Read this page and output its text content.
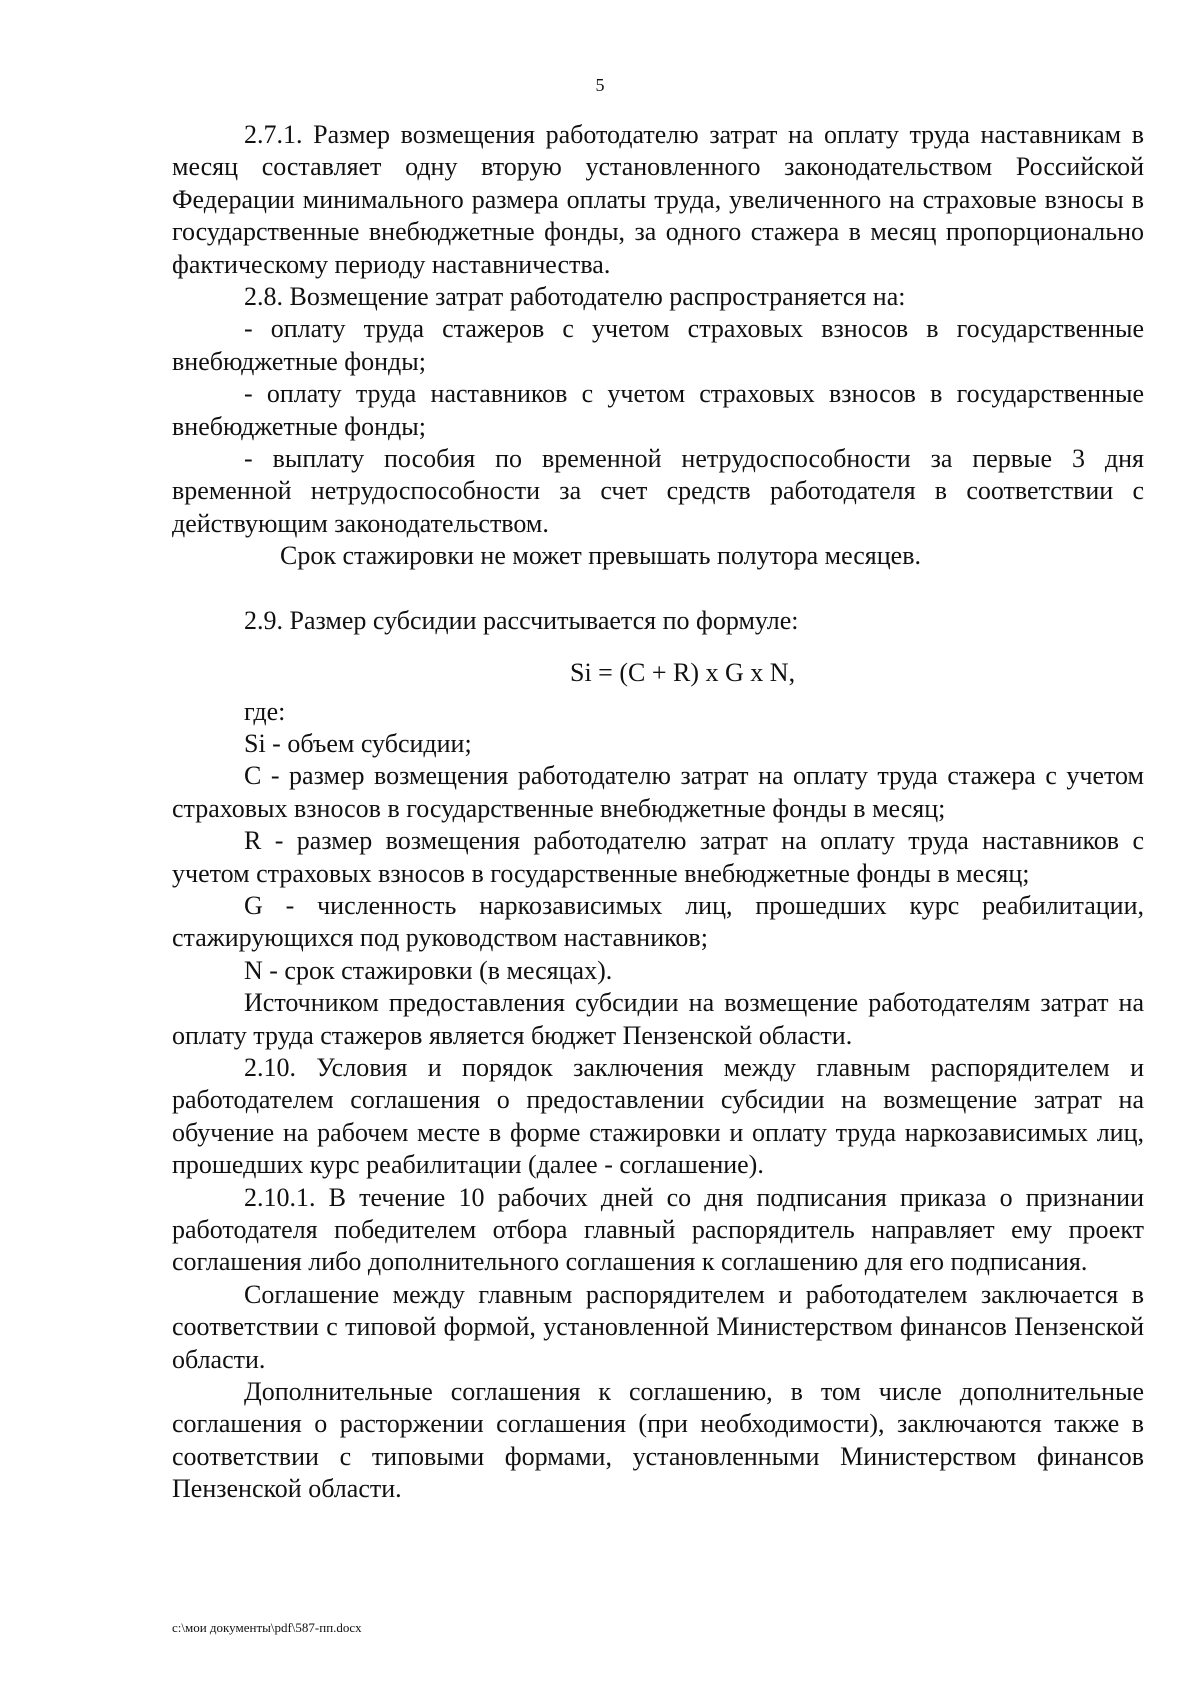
5

2.7.1. Размер возмещения работодателю затрат на оплату труда наставникам в месяц составляет одну вторую установленного законодательством Российской Федерации минимального размера оплаты труда, увеличенного на страховые взносы в государственные внебюджетные фонды, за одного стажера в месяц пропорционально фактическому периоду наставничества.

2.8. Возмещение затрат работодателю распространяется на:

- оплату труда стажеров с учетом страховых взносов в государственные внебюджетные фонды;

- оплату труда наставников с учетом страховых взносов в государственные внебюджетные фонды;

- выплату пособия по временной нетрудоспособности за первые 3 дня временной нетрудоспособности за счет средств работодателя в соответствии с действующим законодательством.

Срок стажировки не может превышать полутора месяцев.

2.9. Размер субсидии рассчитывается по формуле:

Si = (C + R) x G x N,

где:

Si - объем субсидии;

C - размер возмещения работодателю затрат на оплату труда стажера с учетом страховых взносов в государственные внебюджетные фонды в месяц;

R - размер возмещения работодателю затрат на оплату труда наставников с учетом страховых взносов в государственные внебюджетные фонды в месяц;

G - численность наркозависимых лиц, прошедших курс реабилитации, стажирующихся под руководством наставников;

N - срок стажировки (в месяцах).

Источником предоставления субсидии на возмещение работодателям затрат на оплату труда стажеров является бюджет Пензенской области.

2.10. Условия и порядок заключения между главным распорядителем и работодателем соглашения о предоставлении субсидии на возмещение затрат на обучение на рабочем месте в форме стажировки и оплату труда наркозависимых лиц, прошедших курс реабилитации (далее - соглашение).

2.10.1. В течение 10 рабочих дней со дня подписания приказа о признании работодателя победителем отбора главный распорядитель направляет ему проект соглашения либо дополнительного соглашения к соглашению для его подписания.

Соглашение между главным распорядителем и работодателем заключается в соответствии с типовой формой, установленной Министерством финансов Пензенской области.

Дополнительные соглашения к соглашению, в том числе дополнительные соглашения о расторжении соглашения (при необходимости), заключаются также в соответствии с типовыми формами, установленными Министерством финансов Пензенской области.

c:\мои документы\pdf\587-пп.docx
